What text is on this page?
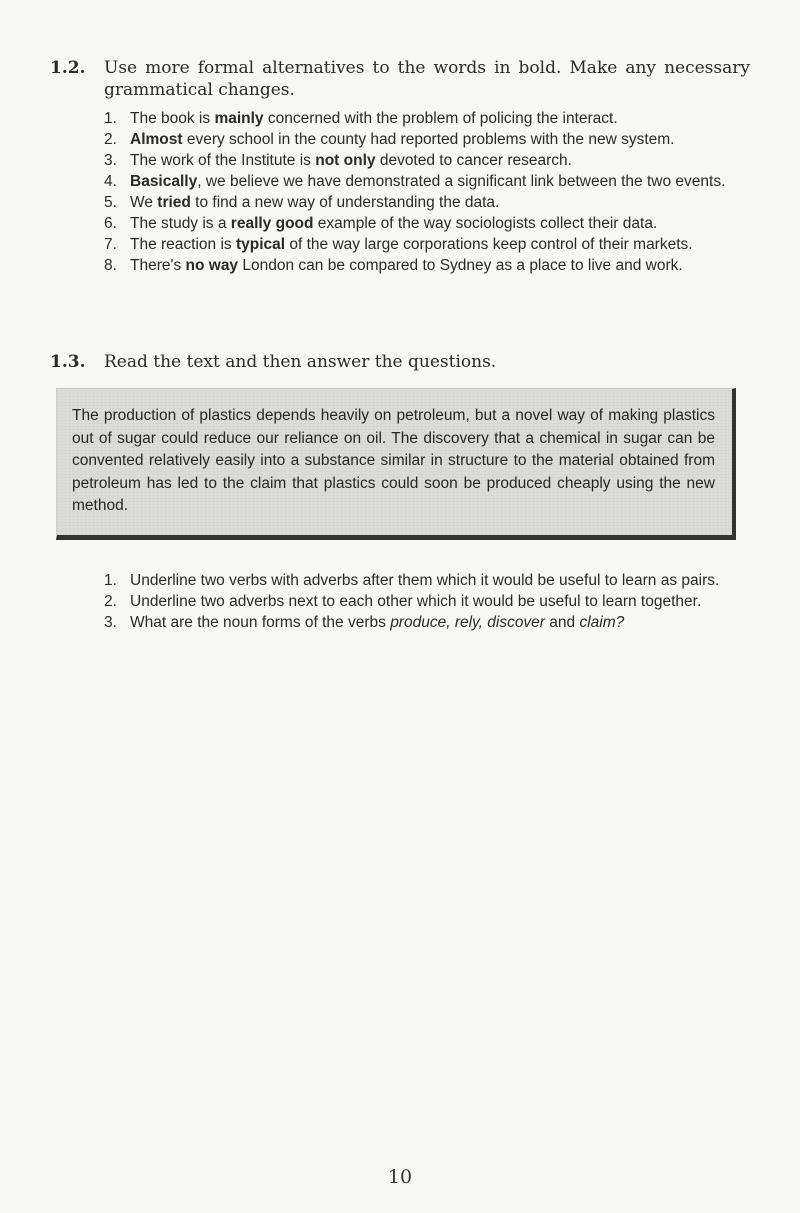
1.2.	Use more formal alternatives to the words in bold. Make any necessary grammatical changes.
1. The book is mainly concerned with the problem of policing the interact.
2. Almost every school in the county had reported problems with the new system.
3. The work of the Institute is not only devoted to cancer research.
4. Basically, we believe we have demonstrated a significant link between the two events.
5. We tried to find a new way of understanding the data.
6. The study is a really good example of the way sociologists collect their data.
7. The reaction is typical of the way large corporations keep control of their markets.
8. There's no way London can be compared to Sydney as a place to live and work.
1.3.	Read the text and then answer the questions.
The production of plastics depends heavily on petroleum, but a novel way of making plastics out of sugar could reduce our reliance on oil. The discovery that a chemical in sugar can be convented relatively easily into a substance similar in structure to the material obtained from petroleum has led to the claim that plastics could soon be produced cheaply using the new method.
1. Underline two verbs with adverbs after them which it would be useful to learn as pairs.
2. Underline two adverbs next to each other which it would be useful to learn together.
3. What are the noun forms of the verbs produce, rely, discover and claim?
10
